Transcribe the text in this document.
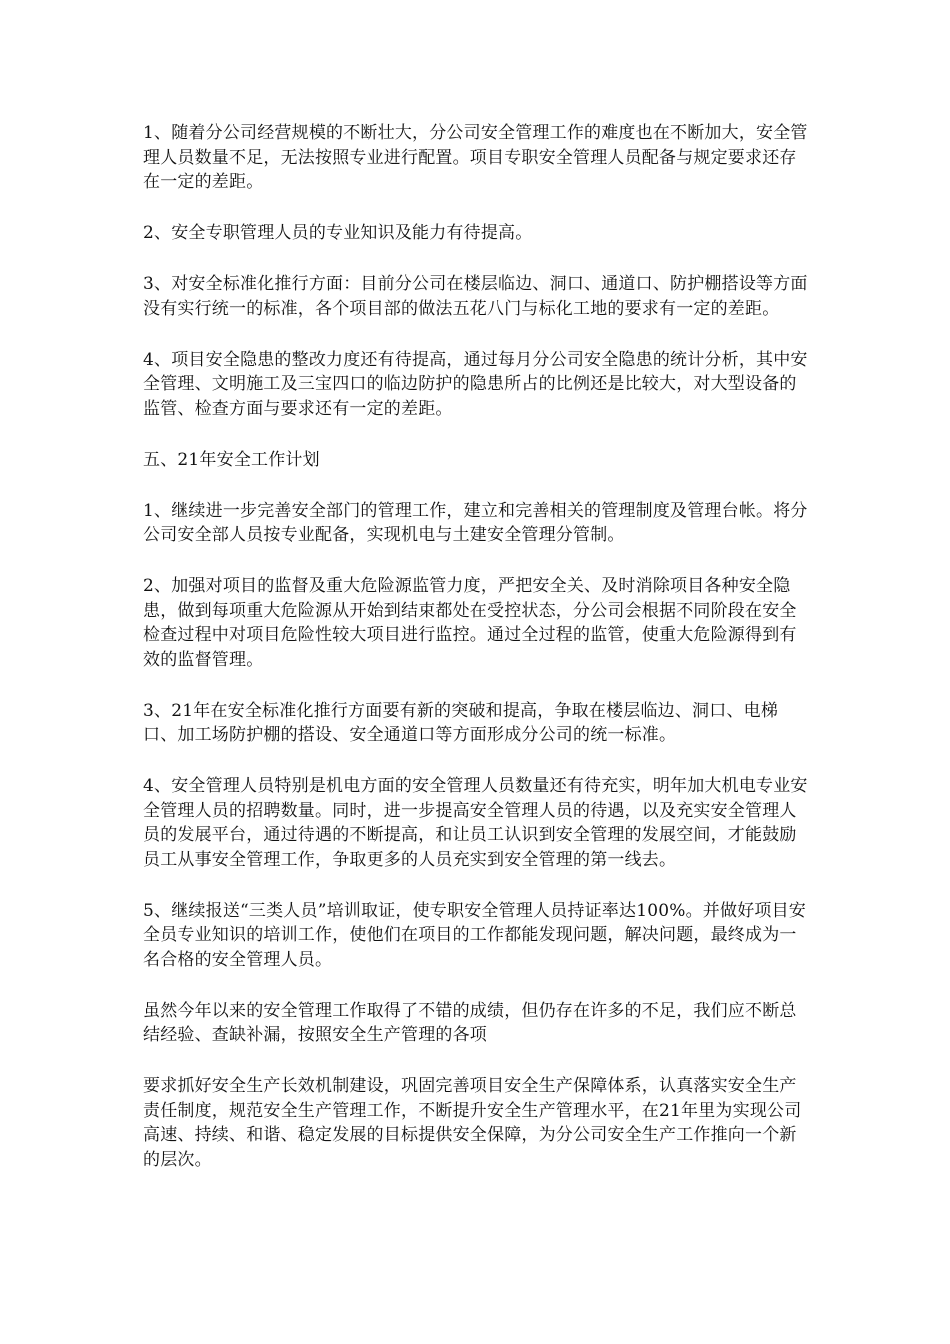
1、随着分公司经营规模的不断壮大，分公司安全管理工作的难度也在不断加大，安全管理人员数量不足，无法按照专业进行配置。项目专职安全管理人员配备与规定要求还存在一定的差距。

2、安全专职管理人员的专业知识及能力有待提高。

3、对安全标准化推行方面：目前分公司在楼层临边、洞口、通道口、防护棚搭设等方面没有实行统一的标准，各个项目部的做法五花八门与标化工地的要求有一定的差距。

4、项目安全隐患的整改力度还有待提高，通过每月分公司安全隐患的统计分析，其中安全管理、文明施工及三宝四口的临边防护的隐患所占的比例还是比较大，对大型设备的监管、检查方面与要求还有一定的差距。

五、21年安全工作计划

1、继续进一步完善安全部门的管理工作，建立和完善相关的管理制度及管理台帐。将分公司安全部人员按专业配备，实现机电与土建安全管理分管制。

2、加强对项目的监督及重大危险源监管力度，严把安全关、及时消除项目各种安全隐患，做到每项重大危险源从开始到结束都处在受控状态，分公司会根据不同阶段在安全检查过程中对项目危险性较大项目进行监控。通过全过程的监管，使重大危险源得到有效的监督管理。

3、21年在安全标准化推行方面要有新的突破和提高，争取在楼层临边、洞口、电梯口、加工场防护棚的搭设、安全通道口等方面形成分公司的统一标准。

4、安全管理人员特别是机电方面的安全管理人员数量还有待充实，明年加大机电专业安全管理人员的招聘数量。同时，进一步提高安全管理人员的待遇，以及充实安全管理人员的发展平台，通过待遇的不断提高，和让员工认识到安全管理的发展空间，才能鼓励员工从事安全管理工作，争取更多的人员充实到安全管理的第一线去。

5、继续报送“三类人员”培训取证，使专职安全管理人员持证率达100%。并做好项目安全员专业知识的培训工作，使他们在项目的工作都能发现问题，解决问题，最终成为一名合格的安全管理人员。

虽然今年以来的安全管理工作取得了不错的成绩，但仍存在许多的不足，我们应不断总结经验、查缺补漏，按照安全生产管理的各项

要求抓好安全生产长效机制建设，巩固完善项目安全生产保障体系，认真落实安全生产责任制度，规范安全生产管理工作，不断提升安全生产管理水平，在21年里为实现公司高速、持续、和谐、稳定发展的目标提供安全保障，为分公司安全生产工作推向一个新的层次。
